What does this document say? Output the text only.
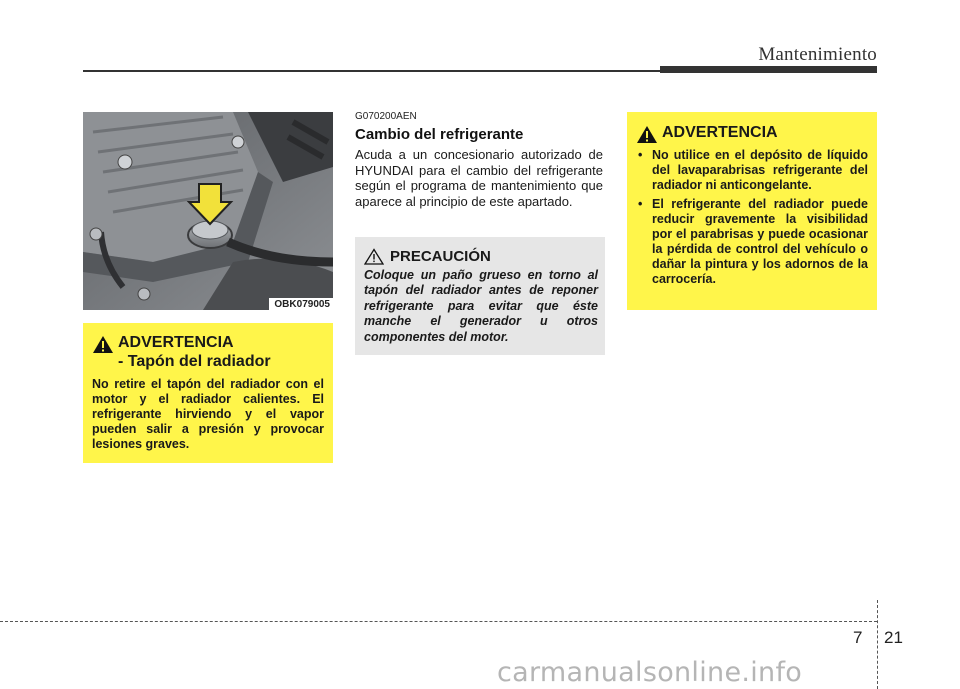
Mantenimiento
OBK079005
ADVERTENCIA
- Tapón del radiador
No retire el tapón del radiador con el motor y el radiador calientes. El refrigerante hirviendo y el vapor pueden salir a presión y provocar lesiones graves.
G070200AEN
Cambio del refrigerante
Acuda a un concesionario autorizado de HYUNDAI para el cambio del refrigerante según el programa de mantenimiento que aparece al principio de este apartado.
PRECAUCIÓN
Coloque un paño grueso en torno al tapón del radiador antes de reponer refrigerante para evitar que éste manche el generador u otros componentes del motor.
ADVERTENCIA
• No utilice en el depósito de líquido del lavaparabrisas refrigerante del radiador ni anticongelante.
• El refrigerante del radiador puede reducir gravemente la visibilidad por el parabrisas y puede ocasionar la pérdida de control del vehículo o dañar la pintura y los adornos de la carrocería.
7 21
carmanualsonline.info
